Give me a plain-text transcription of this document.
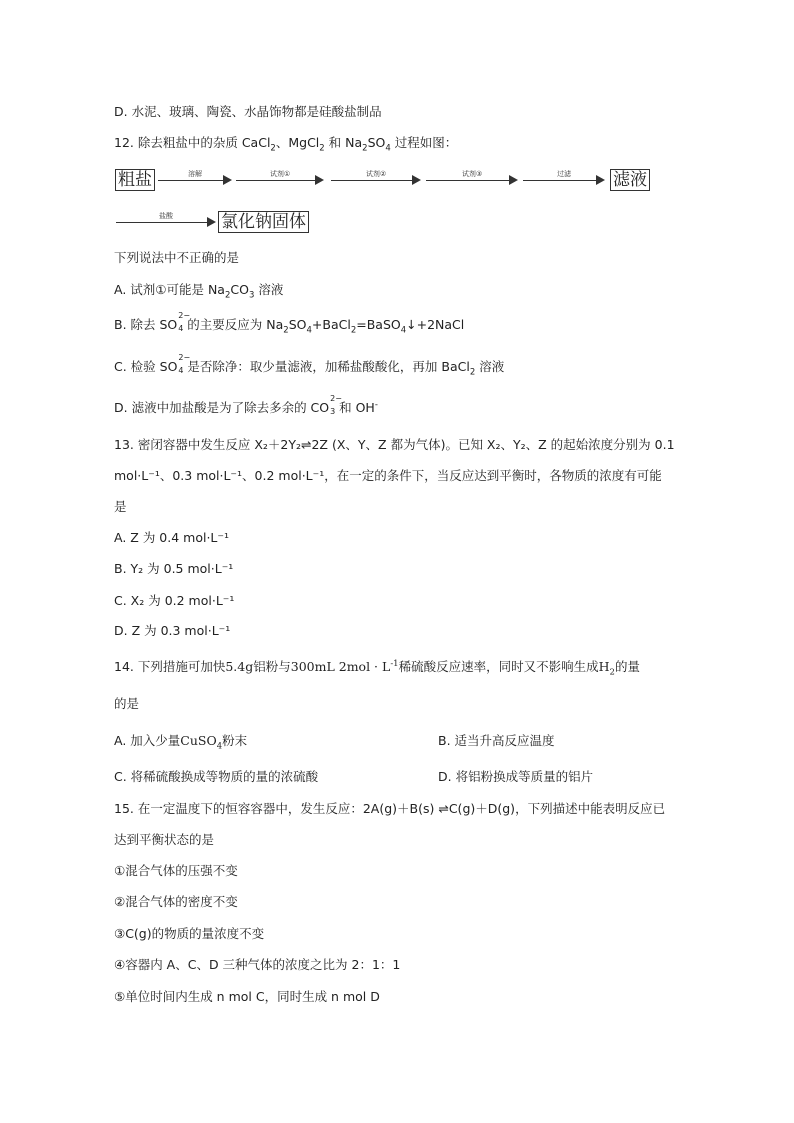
D. 水泥、玻璃、陶瓷、水晶饰物都是硅酸盐制品
12. 除去粗盐中的杂质 CaCl$_2$、MgCl$_2$ 和 $Na_2SO_4$ 过程如图：
粗盐	溶解	试剂①	试剂②	试剂③	过滤	滤液
盐酸	氯化钠固体
下列说法中不正确的是
A. 试剂①可能是 $Na_2CO_3$ 溶液
B. 除去 SO
2−
4 的主要反应为 $Na_2SO_4+BaCl_2=BaSO_4↓+2NaCl$
C. 检验 SO
2−
4 是否除净：取少量滤液，加稀盐酸酸化，再加 BaCl$_2$ 溶液
D. 滤液中加盐酸是为了除去多余的 CO
2−
3 和 OH-
13. 密闭容器中发生反应 X₂＋2Y₂⇌2Z (X、Y、Z 都为气体)。已知 X₂、Y₂、Z 的起始浓度分别为 0.1
mol·L⁻¹、0.3 mol·L⁻¹、0.2 mol·L⁻¹，在一定的条件下，当反应达到平衡时，各物质的浓度有可能
是
A. Z 为 0.4 mol·L⁻¹
B. Y₂ 为 0.5 mol·L⁻¹
C. X₂ 为 0.2 mol·L⁻¹
D. Z 为 0.3 mol·L⁻¹
14. 下列措施可加快5.4g铝粉与300mL $2mol \cdot L^{-1}$稀硫酸反应速率，同时又不影响生成$H_2$的量
的是
A. 加入少量CuSO$_4$粉末	B. 适当升高反应温度
C. 将稀硫酸换成等物质的量的浓硫酸	D. 将铝粉换成等质量的铝片
15. 在一定温度下的恒容容器中，发生反应：2A(g)＋B(s) ⇌C(g)＋D(g)，下列描述中能表明反应已
达到平衡状态的是
①混合气体的压强不变
②混合气体的密度不变
③C(g)的物质的量浓度不变
④容器内 A、C、D 三种气体的浓度之比为 2：1：1
⑤单位时间内生成 n mol C，同时生成 n mol D
